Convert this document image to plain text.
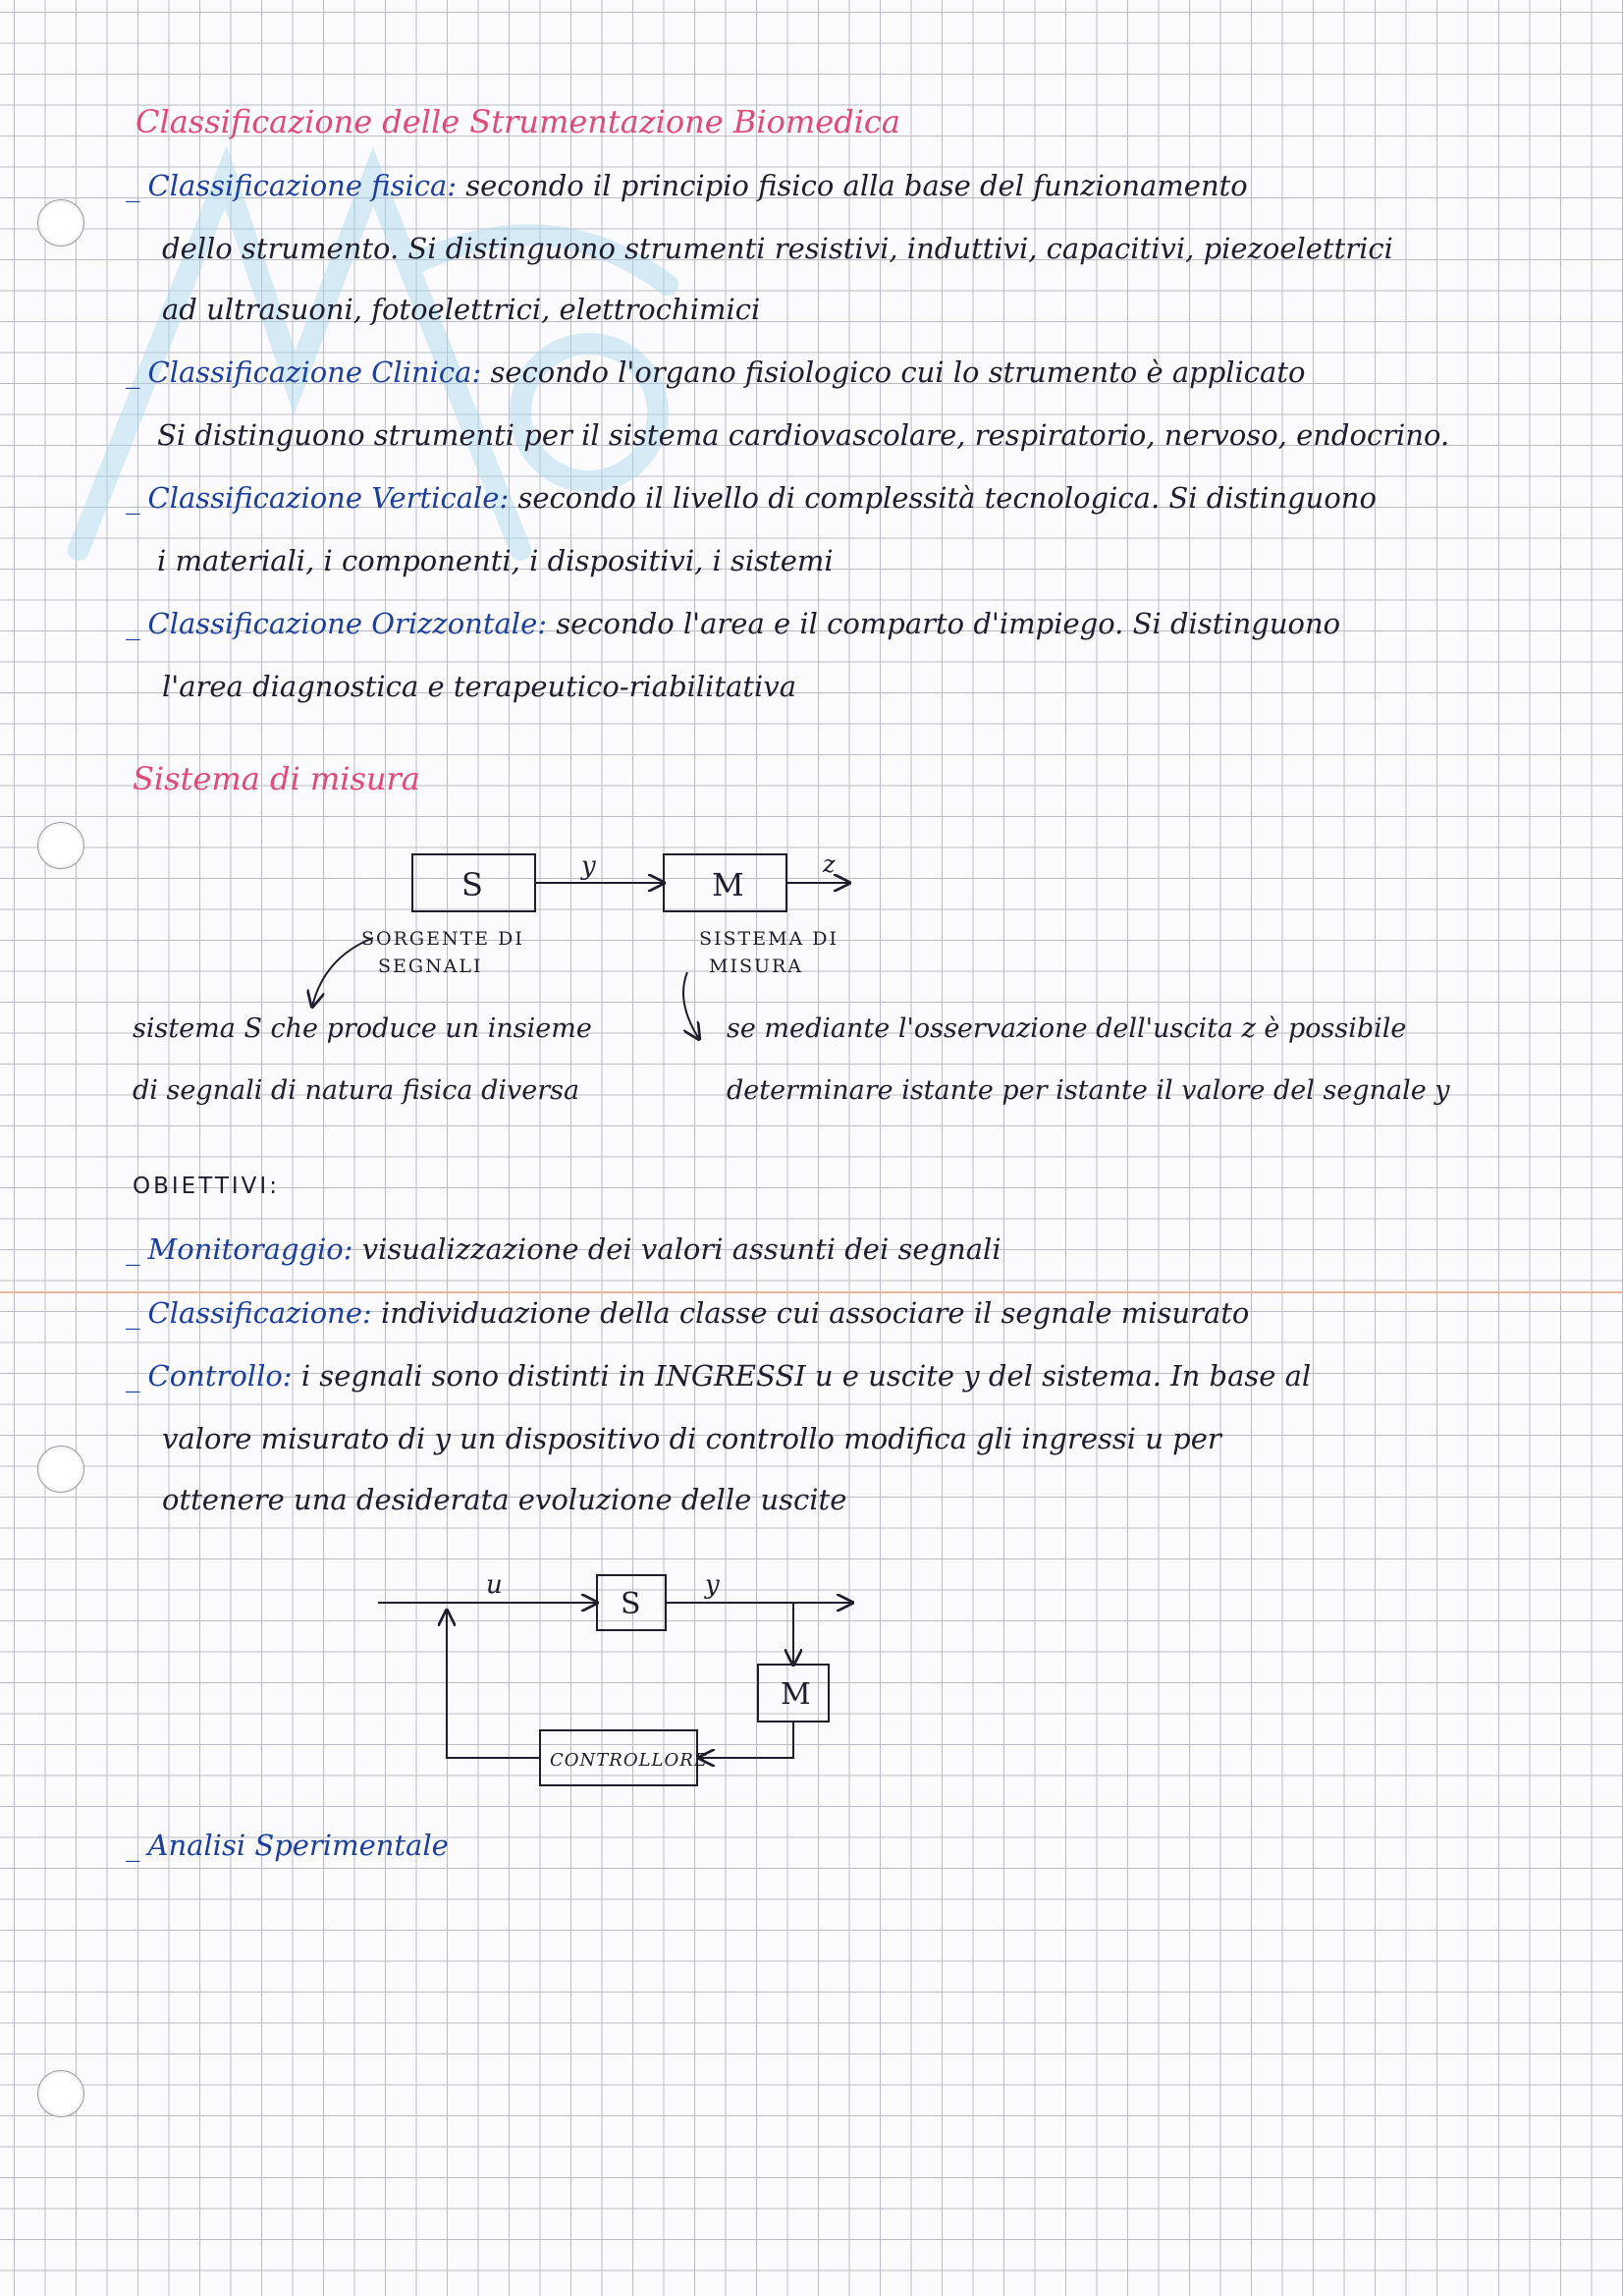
Classificazione delle Strumentazione Biomedica
_ Classificazione fisica: secondo il principio fisico alla base del funzionamento
dello strumento. Si distinguono strumenti resistivi, induttivi, capacitivi, piezoelettrici
ad ultrasuoni, fotoelettrici, elettrochimici
_ Classificazione Clinica: secondo l'organo fisiologico cui lo strumento è applicato
Si distinguono strumenti per il sistema cardiovascolare, respiratorio, nervoso, endocrino.
_ Classificazione Verticale: secondo il livello di complessità tecnologica. Si distinguono
i materiali, i componenti, i dispositivi, i sistemi
_ Classificazione Orizzontale: secondo l'area e il comparto d'impiego. Si distinguono
l'area diagnostica e terapeutico-riabilitativa
Sistema di misura
S	M
y	z
SORGENTE DI
SEGNALI
SISTEMA DI
MISURA
u	y
S
M
CONTROLLORE
sistema S che produce un insieme
di segnali di natura fisica diversa
se mediante l'osservazione dell'uscita z è possibile
determinare istante per istante il valore del segnale y
OBIETTIVI:
_ Monitoraggio: visualizzazione dei valori assunti dei segnali
_ Classificazione: individuazione della classe cui associare il segnale misurato
_ Controllo: i segnali sono distinti in INGRESSI u e uscite y del sistema. In base al
valore misurato di y un dispositivo di controllo modifica gli ingressi u per
ottenere una desiderata evoluzione delle uscite
_ Analisi Sperimentale
